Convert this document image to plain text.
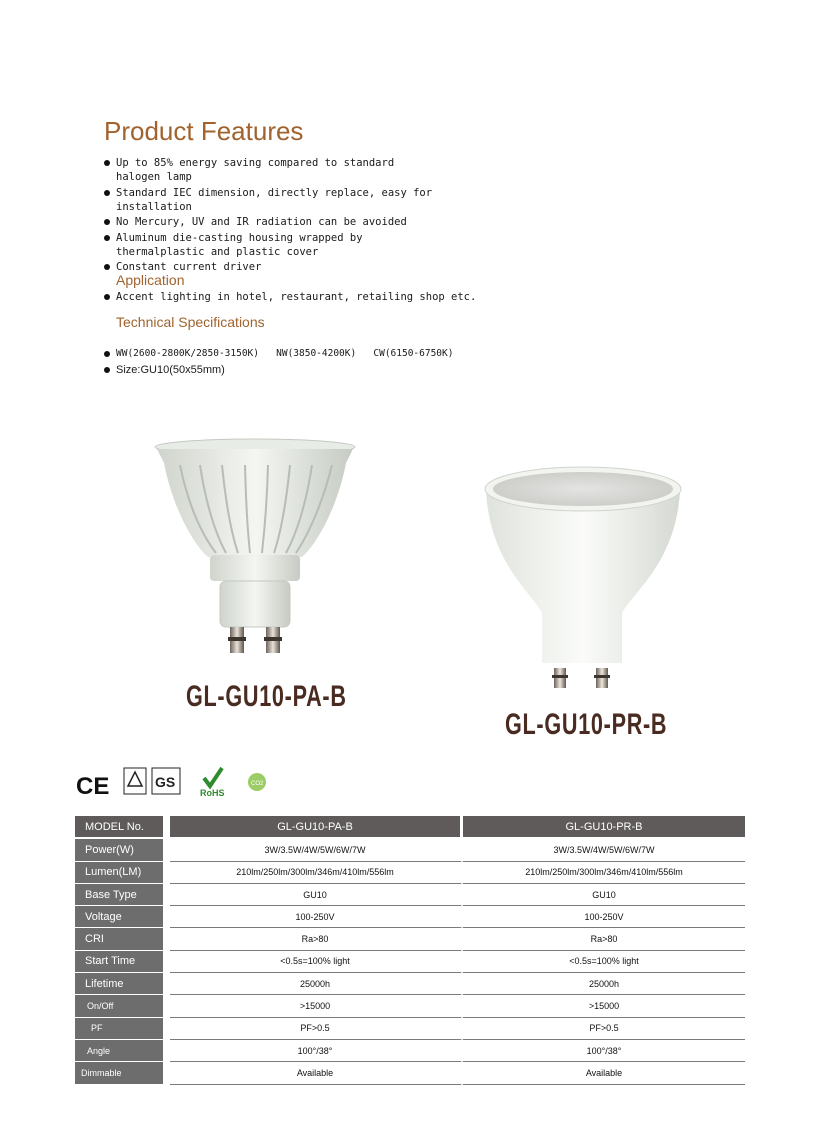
Product Features
Up to 85% energy saving compared to standard halogen lamp
Standard IEC dimension, directly replace, easy for installation
No Mercury, UV and IR radiation can be avoided
Aluminum die-casting housing wrapped by thermalplastic and plastic cover
Constant current driver
Application
Accent lighting in hotel, restaurant, retailing shop etc.
Technical Specifications
WW(2600-2800K/2850-3150K)   NW(3850-4200K)   CW(6150-6750K)
Size:GU10(50x55mm)
GL-GU10-PA-B
GL-GU10-PR-B
CE	GS
RoHS
CO2
MODEL No.	GL-GU10-PA-B	GL-GU10-PR-B
Power(W)	3W/3.5W/4W/5W/6W/7W	3W/3.5W/4W/5W/6W/7W
Lumen(LM)	210lm/250lm/300lm/346m/410lm/556lm	210lm/250lm/300lm/346m/410lm/556lm
Base Type	GU10	GU10
Voltage	100-250V	100-250V
CRI	Ra>80	Ra>80
Start Time	<0.5s=100% light	<0.5s=100% light
Lifetime	25000h	25000h
On/Off	>15000	>15000
PF	PF>0.5	PF>0.5
Angle	100°/38°	100°/38°
Dimmable	Available	Available
